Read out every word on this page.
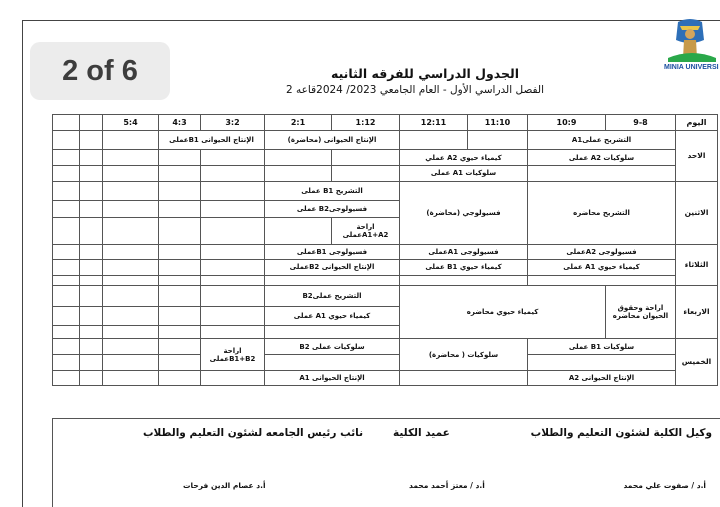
2 of 6	MINIA UNIVERSI
الجدول الدراسي للفرقه الثانيه
الفصل الدراسي الأول - العام الجامعي 2023/ 2024قاعه 2
اليوم	9-8	10:9	11:10	12:11	1:12	2:1	3:2	4:3	5:4		
الاحد	التشريح عملىA1				الإنتاج الحيوانى (محاضرة)		الإنتاج الحيوانى B1عملى				
	سلوكيات A2 عملى		كيمياء حيوي A2 عملي								
			سلوكيات A1 عملى								
الاثنين	التشريح محاضره		فسيولوجي (محاضرة)		التشريح B1 عملى						
					فسيولوجىB2 عملى						
					اراحة A1+A2عملى						
الثلاثاء	فسيولوجى A2عملى		فسيولوجى A1عملى		فسيولوجى B1عملى						
	كيمياء حيوي A1 عملى		كيمياء حيوي B1 عملى		الإنتاج الحيوانى B2عملى						

الاربعاء	اراحة وحقوق الحيوان محاضره	كيمياء حيوي محاضره			التشريح عملىB2						
					كيمياء حيوي A1 عملى						

الخميس	سلوكيات B1 عملى		سلوكيات ( محاضرة)		سلوكيات عملى B2		اراحة B1+B2عملى				

	الإنتاج الحيوانى A2				الإنتاج الحيوانى A1						
وكيل الكلية لشئون التعليم والطلاب
عميد الكلية
نائب رئيس الجامعه لشئون التعليم والطلاب
أ.د / صفوت علي محمد
أ.د / معتز أحمد محمد
أ.د عصام الدين فرحات
